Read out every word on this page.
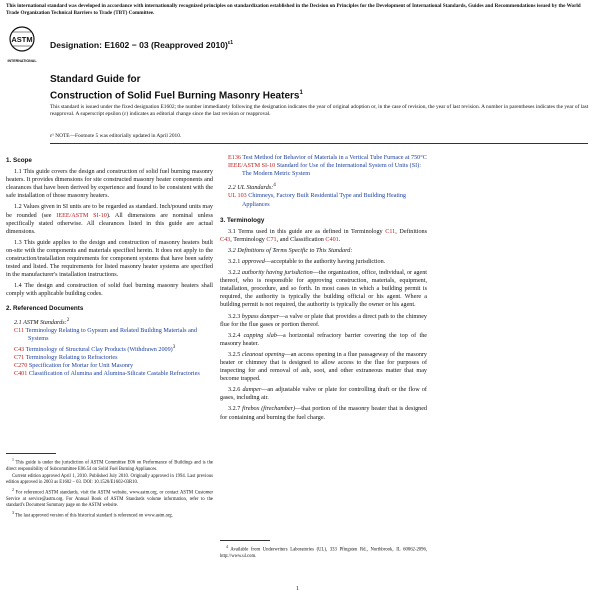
This international standard was developed in accordance with internationally recognized principles on standardization established in the Decision on Principles for the Development of International Standards, Guides and Recommendations issued by the World Trade Organization Technical Barriers to Trade (TBT) Committee.
ASTM
INTERNATIONAL
Designation: E1602 − 03 (Reapproved 2010)$^{\varepsilon 1}$
Standard Guide for
Construction of Solid Fuel Burning Masonry Heaters$^1$
This standard is issued under the fixed designation E1602; the number immediately following the designation indicates the year of original adoption or, in the case of revision, the year of last revision. A number in parentheses indicates the year of last reapproval. A superscript epsilon (ε) indicates an editorial change since the last revision or reapproval.
ε¹ NOTE—Footnote 5 was editorially updated in April 2010.

1. Scope

1.1 This guide covers the design and construction of solid fuel burning masonry heaters. It provides dimensions for site constructed masonry heater components and clearances that have been derived by experience and found to be consistent with the safe installation of those masonry heaters.

1.2 Values given in SI units are to be regarded as standard. Inch/pound units may be rounded (see IEEE/ASTM SI-10). All dimensions are nominal unless specifically stated otherwise. All clearances listed in this guide are actual dimensions.

1.3 This guide applies to the design and construction of masonry heaters built on-site with the components and materials specified herein. It does not apply to the construction/installation requirements for component systems that have been safety tested and listed. The requirements for listed masonry heater systems are specified in the manufacturer's installation instructions.

1.4 The design and construction of solid fuel burning masonry heaters shall comply with applicable building codes.

2. Referenced Documents

2.1 ASTM Standards:$^2$

C11 Terminology Relating to Gypsum and Related Building Materials and Systems

C43 Terminology of Structural Clay Products (Withdrawn 2009)$^3$

C71 Terminology Relating to Refractories

C270 Specification for Mortar for Unit Masonry

C401 Classification of Alumina and Alumina-Silicate Castable Refractories

$^1$ This guide is under the jurisdiction of ASTM Committee E06 on Performance of Buildings and is the direct responsibility of Subcommittee E06.54 on Solid Fuel Burning Appliances.

Current edition approved April 1, 2010. Published July 2010. Originally approved in 1994. Last previous edition approved in 2003 as E1602 – 03. DOI: 10.1520/E1602-03R10.

$^2$ For referenced ASTM standards, visit the ASTM website, www.astm.org, or contact ASTM Customer Service at service@astm.org. For Annual Book of ASTM Standards volume information, refer to the standard's Document Summary page on the ASTM website.

$^3$ The last approved version of this historical standard is referenced on www.astm.org.

E136 Test Method for Behavior of Materials in a Vertical Tube Furnace at 750°C

IEEE/ASTM SI-10 Standard for Use of the International System of Units (SI): The Modern Metric System

2.2 UL Standards:$^4$

UL 103 Chimneys, Factory Built Residential Type and Building Heating Appliances

3. Terminology

3.1 Terms used in this guide are as defined in Terminology C11, Definitions C43, Terminology C71, and Classification C401.

3.2 Definitions of Terms Specific to This Standard:

3.2.1 approved—acceptable to the authority having jurisdiction.

3.2.2 authority having jurisdiction—the organization, office, individual, or agent thereof, who is responsible for approving construction, materials, equipment, installation, procedure, and so forth. In most cases in which a building permit is required, the authority is typically the building official or his agent. Where a building permit is not required, the authority is typically the owner or his agent.

3.2.3 bypass damper—a valve or plate that provides a direct path to the chimney flue for the flue gases or portion thereof.

3.2.4 capping slab—a horizontal refractory barrier covering the top of the masonry heater.

3.2.5 cleanout opening—an access opening in a flue passageway of the masonry heater or chimney that is designed to allow access to the flue for purposes of inspecting for and removal of ash, soot, and other extraneous matter that may become trapped.

3.2.6 damper—an adjustable valve or plate for controlling draft or the flow of gases, including air.

3.2.7 firebox (firechamber)—that portion of the masonry heater that is designed for containing and burning the fuel charge.

$^4$ Available from Underwriters Laboratories (UL), 333 Pfingsten Rd., Northbrook, IL 60062-2096, http://www.ul.com.

1
